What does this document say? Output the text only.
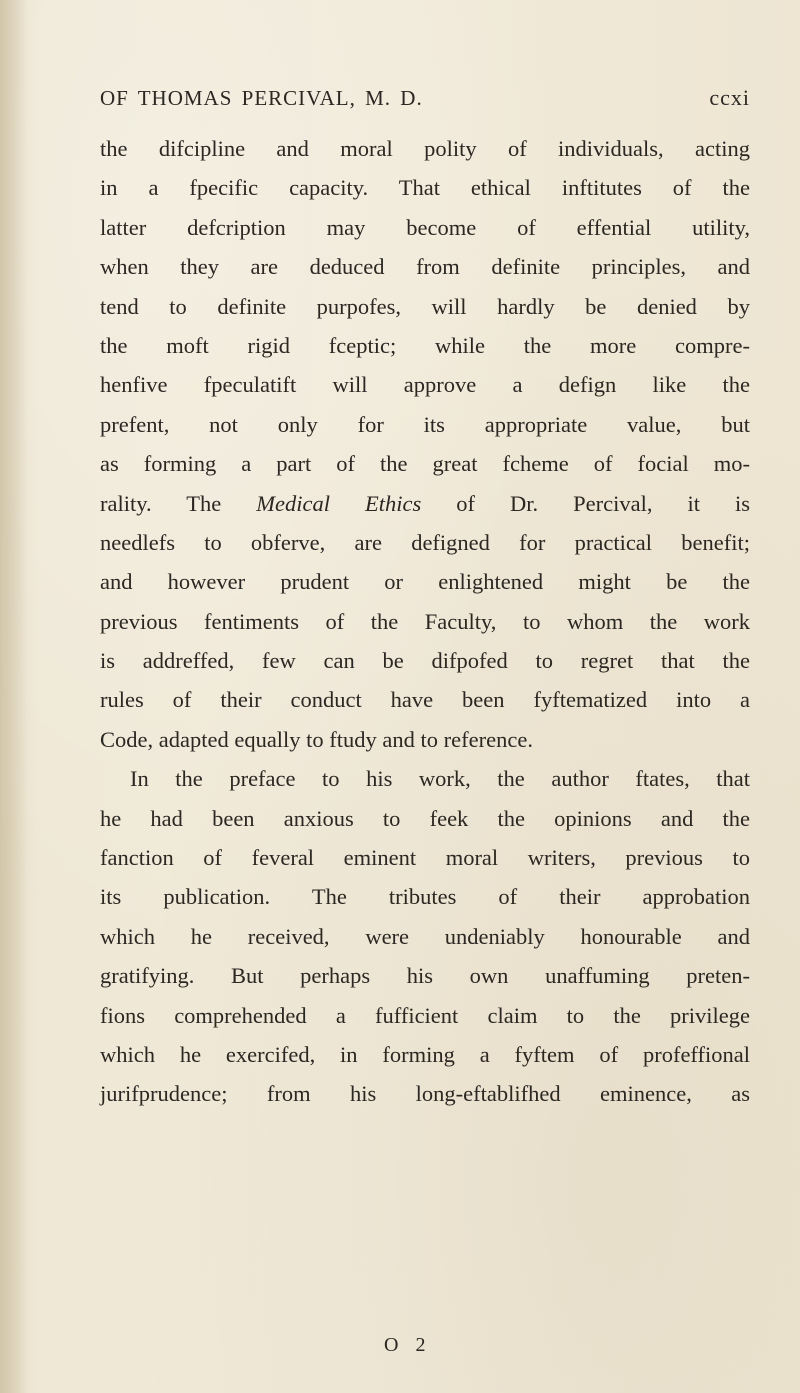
OF THOMAS PERCIVAL, M. D.	ccxi
the difcipline and moral polity of individuals, acting
in a fpecific capacity. That ethical inftitutes of the
latter defcription may become of effential utility,
when they are deduced from definite principles, and
tend to definite purpofes, will hardly be denied by
the moft rigid fceptic; while the more compre-
henfive fpeculatift will approve a defign like the
prefent, not only for its appropriate value, but
as forming a part of the great fcheme of focial mo-
rality. The Medical Ethics of Dr. Percival, it is
needlefs to obferve, are defigned for practical benefit;
and however prudent or enlightened might be the
previous fentiments of the Faculty, to whom the work
is addreffed, few can be difpofed to regret that the
rules of their conduct have been fyftematized into a
Code, adapted equally to ftudy and to reference.
In the preface to his work, the author ftates, that
he had been anxious to feek the opinions and the
fanction of feveral eminent moral writers, previous to
its publication. The tributes of their approbation
which he received, were undeniably honourable and
gratifying. But perhaps his own unaffuming preten-
fions comprehended a fufficient claim to the privilege
which he exercifed, in forming a fyftem of profeffional
jurifprudence; from his long-eftablifhed eminence, as
O 2
